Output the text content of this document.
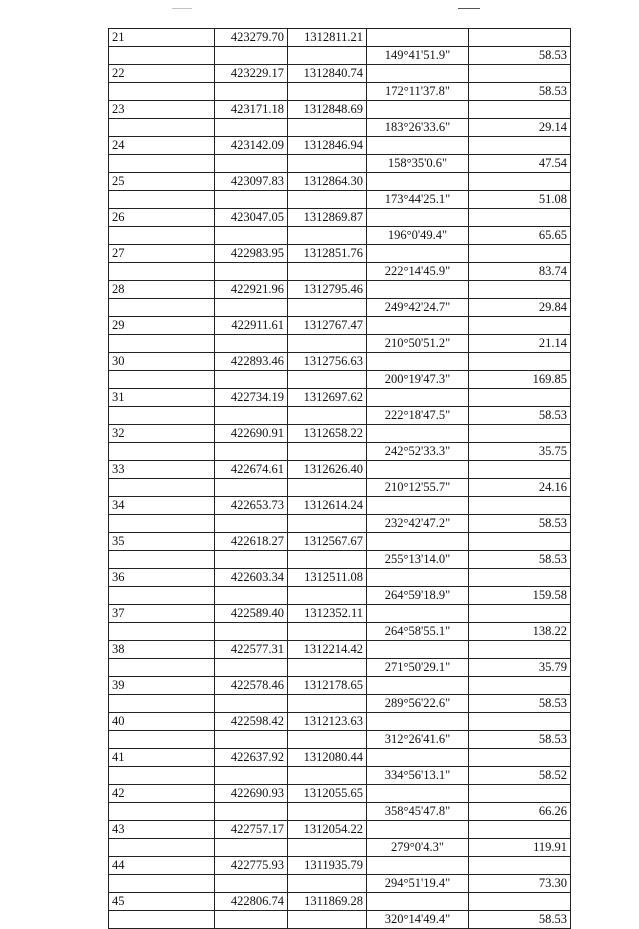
21	423279.70	1312811.21		
			149°41'51.9"	58.53
22	423229.17	1312840.74		
			172°11'37.8"	58.53
23	423171.18	1312848.69		
			183°26'33.6"	29.14
24	423142.09	1312846.94		
			158°35'0.6"	47.54
25	423097.83	1312864.30		
			173°44'25.1"	51.08
26	423047.05	1312869.87		
			196°0'49.4"	65.65
27	422983.95	1312851.76		
			222°14'45.9"	83.74
28	422921.96	1312795.46		
			249°42'24.7"	29.84
29	422911.61	1312767.47		
			210°50'51.2"	21.14
30	422893.46	1312756.63		
			200°19'47.3"	169.85
31	422734.19	1312697.62		
			222°18'47.5"	58.53
32	422690.91	1312658.22		
			242°52'33.3"	35.75
33	422674.61	1312626.40		
			210°12'55.7"	24.16
34	422653.73	1312614.24		
			232°42'47.2"	58.53
35	422618.27	1312567.67		
			255°13'14.0"	58.53
36	422603.34	1312511.08		
			264°59'18.9"	159.58
37	422589.40	1312352.11		
			264°58'55.1"	138.22
38	422577.31	1312214.42		
			271°50'29.1"	35.79
39	422578.46	1312178.65		
			289°56'22.6"	58.53
40	422598.42	1312123.63		
			312°26'41.6"	58.53
41	422637.92	1312080.44		
			334°56'13.1"	58.52
42	422690.93	1312055.65		
			358°45'47.8"	66.26
43	422757.17	1312054.22		
			279°0'4.3"	119.91
44	422775.93	1311935.79		
			294°51'19.4"	73.30
45	422806.74	1311869.28		
			320°14'49.4"	58.53
